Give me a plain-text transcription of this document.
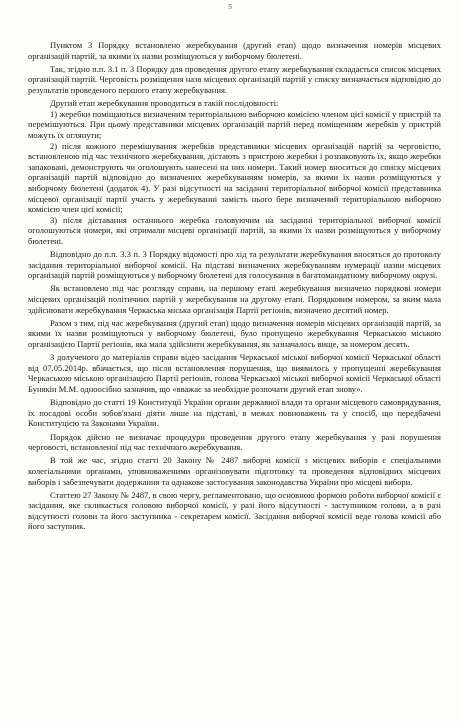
5

Пунктом 3 Порядку встановлено жеребкування (другий етап) щодо визначення номерів місцевих організацій партій, за якими їх назви розміщуються у виборчому бюлетені.

Так, згідно п.п. 3.1 п. 3 Порядку для проведення другого етапу жеребкування складається список місцевих організацій партій. Черговість розміщення назв місцевих організацій партій у списку визначається відповідно до результатів проведеного першого етапу жеребкування.

Другий етап жеребкування проводиться в такій послідовності:

1) жеребки поміщаються визначеним територіальною виборчою комісією членом цієї комісії у пристрій та перемішуються. При цьому представники місцевих організацій партій перед поміщенням жеребків у пристрій можуть їх оглянути;

2) після кожного перемішування жеребків представники місцевих організацій партій за черговістю, встановленою під час технічного жеребкування, дістають з пристрою жеребки і розпаковують їх, якщо жеребки запаковані, демонструють чи оголошують нанесені на них номери. Такий номер вноситься до списку місцевих організацій партій відповідно до визначених жеребкуванням номерів, за якими їх назви розміщуються у виборчому бюлетені (додаток 4). У разі відсутності на засіданні територіальної виборчої комісії представника місцевої організації партії участь у жеребкуванні замість нього бере визначений територіальною виборчою комісією член цієї комісії;

3) після діставання останнього жеребка головуючим на засіданні територіальної виборчої комісії оголошуються номери, які отримали місцеві організації партій, за якими їх назви розміщуються у виборчому бюлетені.

Відповідно до п.п. 3.3 п. 3 Порядку відомості про хід та результати жеребкування вносяться до протоколу засідання територіальної виборчої комісії. На підставі визначених жеребкуванням нумерації назви місцевих організацій партій розміщуються у виборчому бюлетені для голосування в багатомандатному виборчому окрузі.

Як встановлено під час розгляду справи, на першому етапі жеребкування визначено порядкові номери місцевих організацій політичних партій у жеребкування на другому етапі. Порядковим номером, за яким мала здійснювати жеребкування Черкаська міська організація Партії регіонів, визначено десятий номер.

Разом з тим, під час жеребкування (другий етап) щодо визначення номерів місцевих організацій партій, за якими їх назви розміщуються у виборчому бюлетені, було пропущено жеребкування Черкаською міською організацією Партії регіонів, яка мала здійснити жеребкування, як зазначалось вище, за номером десять.

З долученого до матеріалів справи відео засідання Черкаської міської виборчої комісії Черкаської області від 07.05.2014р. вбачається, що після встановлення порушення, що виявилось у пропущенні жеребкування Черкаською міською організацією Партії регіонів, голова Черкаської міської виборчої комісії Черкаської області Бунякін М.М. одноосібно зазначив, що «вважає за необхідне розпочати другий етап знову».

Відповідно до статті 19 Конституції України органи державної влади та органи місцевого самоврядування, їх посадові особи зобов'язані діяти лише на підставі, в межах повноважень та у спосіб, що передбачені Конституцією та Законами України.

Порядок дійсно не визначає процедури проведення другого етапу жеребкування у разі порушення черговості, встановленої під час технічного жеребкування.

В той же час, згідно статті 20 Закону № 2487 виборчі комісії з місцевих виборів є спеціальними колегіальними органами, уповноваженими організовувати підготовку та проведення відповідних місцевих виборів і забезпечувати додержання та однакове застосування законодавства України про місцеві вибори.

Статтею 27 Закону № 2487, в свою чергу, регламентовано, що основною формою роботи виборчої комісії є засідання, яке скликається головою виборчої комісії, у разі його відсутності - заступником голови, а в разі відсутності голови та його заступника - секретарем комісії. Засідання виборчої комісії веде голова комісії або його заступник.
